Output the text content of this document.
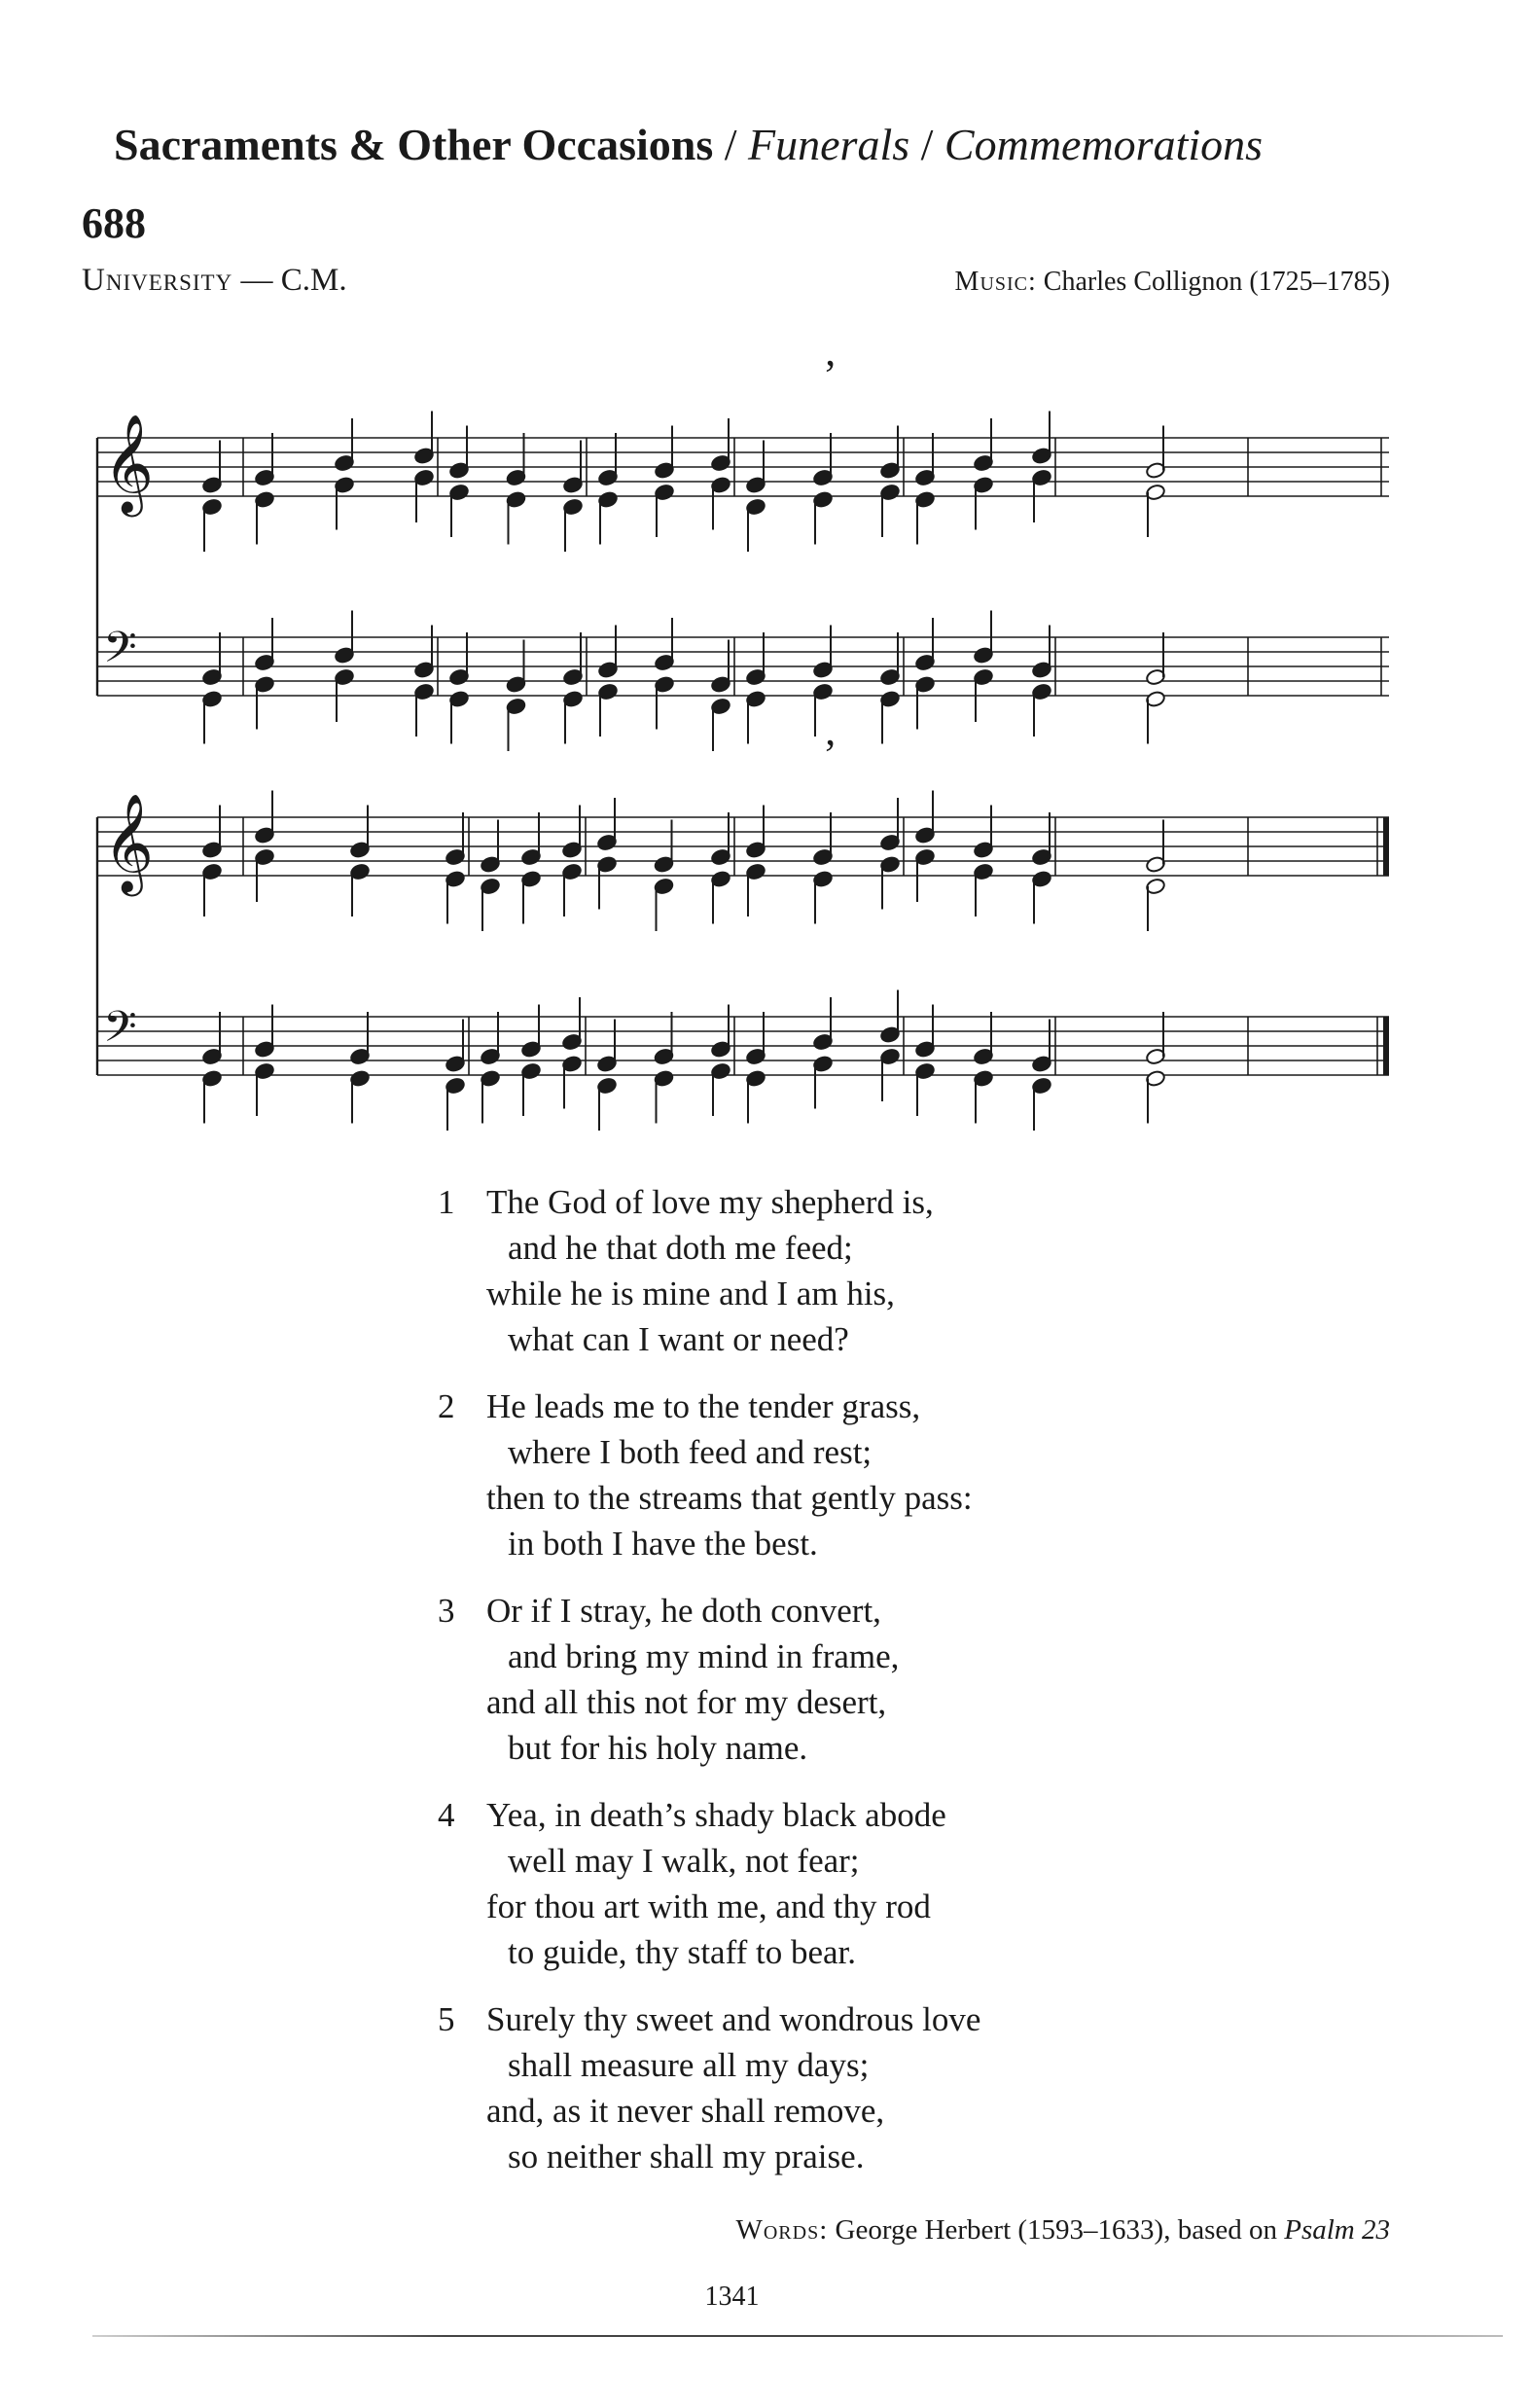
Sacraments & Other Occasions / Funerals / Commemorations
688
University — C.M.	Music: Charles Collignon (1725–1785)
𝄞
𝄢
𝄞
𝄢
’
’
1 The God of love my shepherd is,
and he that doth me feed;
while he is mine and I am his,
what can I want or need?
2 He leads me to the tender grass,
where I both feed and rest;
then to the streams that gently pass:
in both I have the best.
3 Or if I stray, he doth convert,
and bring my mind in frame,
and all this not for my desert,
but for his holy name.
4 Yea, in death’s shady black abode
well may I walk, not fear;
for thou art with me, and thy rod
to guide, thy staff to bear.
5 Surely thy sweet and wondrous love
shall measure all my days;
and, as it never shall remove,
so neither shall my praise.
Words: George Herbert (1593–1633), based on Psalm 23
1341
